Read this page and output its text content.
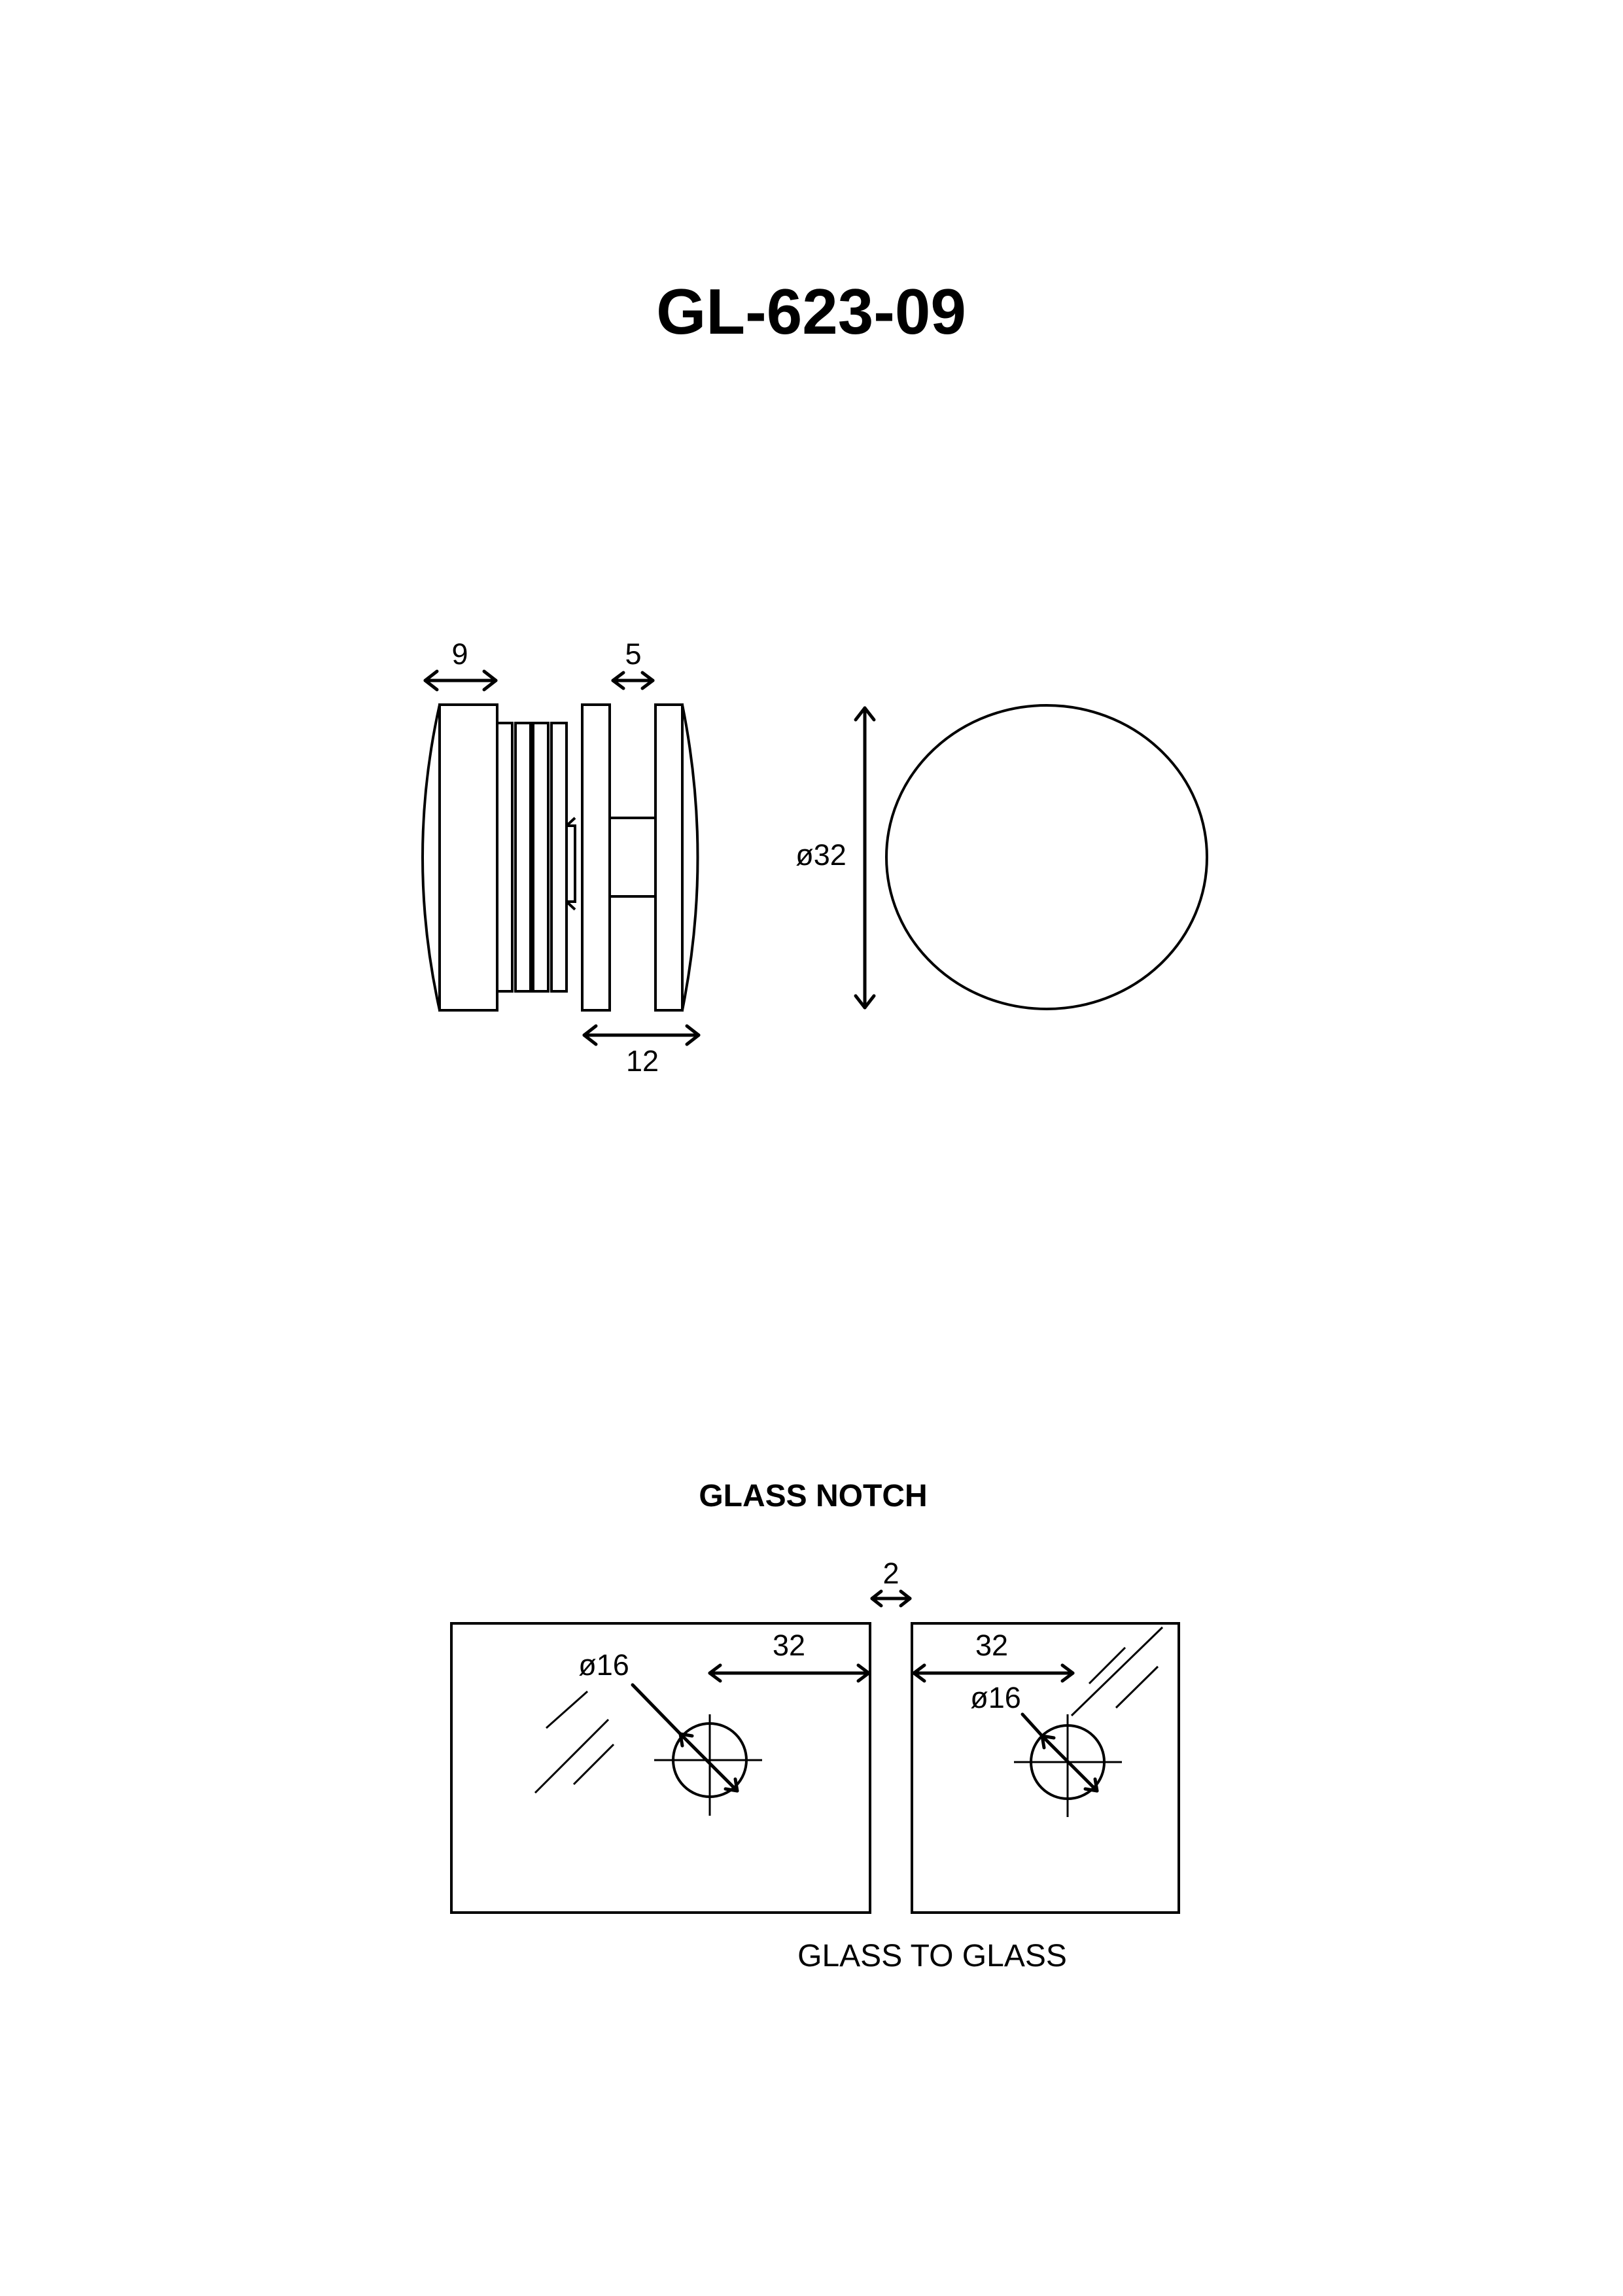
GL-623-09
9	5
12
ø32
GLASS NOTCH
2
ø16
32
ø16
32
GLASS TO GLASS
